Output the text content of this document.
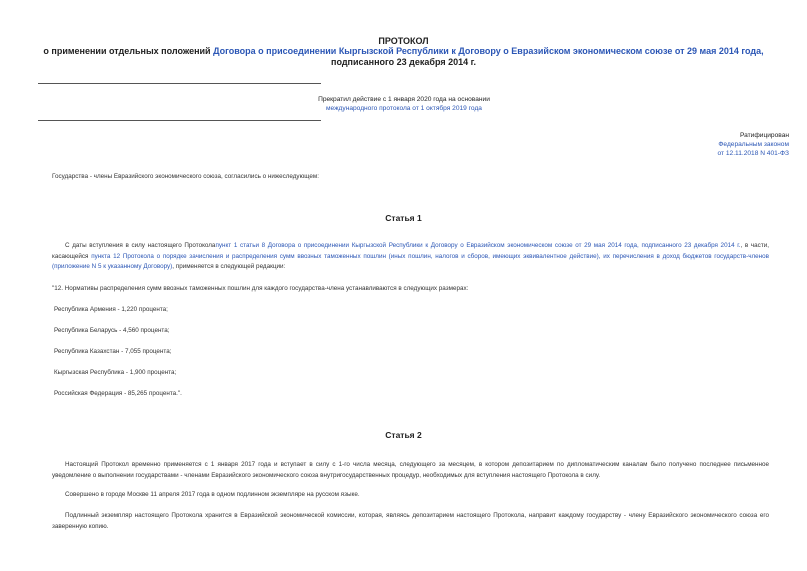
ПРОТОКОЛ
о применении отдельных положений Договора о присоединении Кыргызской Республики к Договору о Евразийском экономическом союзе от 29 мая 2014 года,
подписанного 23 декабря 2014 г.
Прекратил действие с 1 января 2020 года на основании
международного протокола от 1 октября 2019 года
Ратифицирован
Федеральным законом
от 12.11.2018 N 401-ФЗ
Государства - члены Евразийского экономического союза, согласились о нижеследующем:
Статья 1
С даты вступления в силу настоящего Протоколапункт 1 статьи 8 Договора о присоединении Кыргызской Республики к Договору о Евразийском экономическом союзе от 29 мая 2014 года, подписанного 23 декабря 2014 г., в части, касающейся пункта 12 Протокола о порядке зачисления и распределения сумм ввозных таможенных пошлин (иных пошлин, налогов и сборов, имеющих эквивалентное действие), их перечисления в доход бюджетов государств-членов (приложение N 5 к указанному Договору), применяется в следующей редакции:
"12. Нормативы распределения сумм ввозных таможенных пошлин для каждого государства-члена устанавливаются в следующих размерах:
Республика Армения - 1,220 процента;
Республика Беларусь - 4,560 процента;
Республика Казахстан - 7,055 процента;
Кыргызская Республика - 1,900 процента;
Российская Федерация - 85,265 процента.".
Статья 2
Настоящий Протокол временно применяется с 1 января 2017 года и вступает в силу с 1-го числа месяца, следующего за месяцем, в котором депозитарием по дипломатическим каналам было получено последнее письменное уведомление о выполнении государствами - членами Евразийского экономического союза внутригосударственных процедур, необходимых для вступления настоящего Протокола в силу.
Совершено в городе Москве 11 апреля 2017 года в одном подлинном экземпляре на русском языке.
Подлинный экземпляр настоящего Протокола хранится в Евразийской экономической комиссии, которая, являясь депозитарием настоящего Протокола, направит каждому государству - члену Евразийского экономического союза его заверенную копию.
